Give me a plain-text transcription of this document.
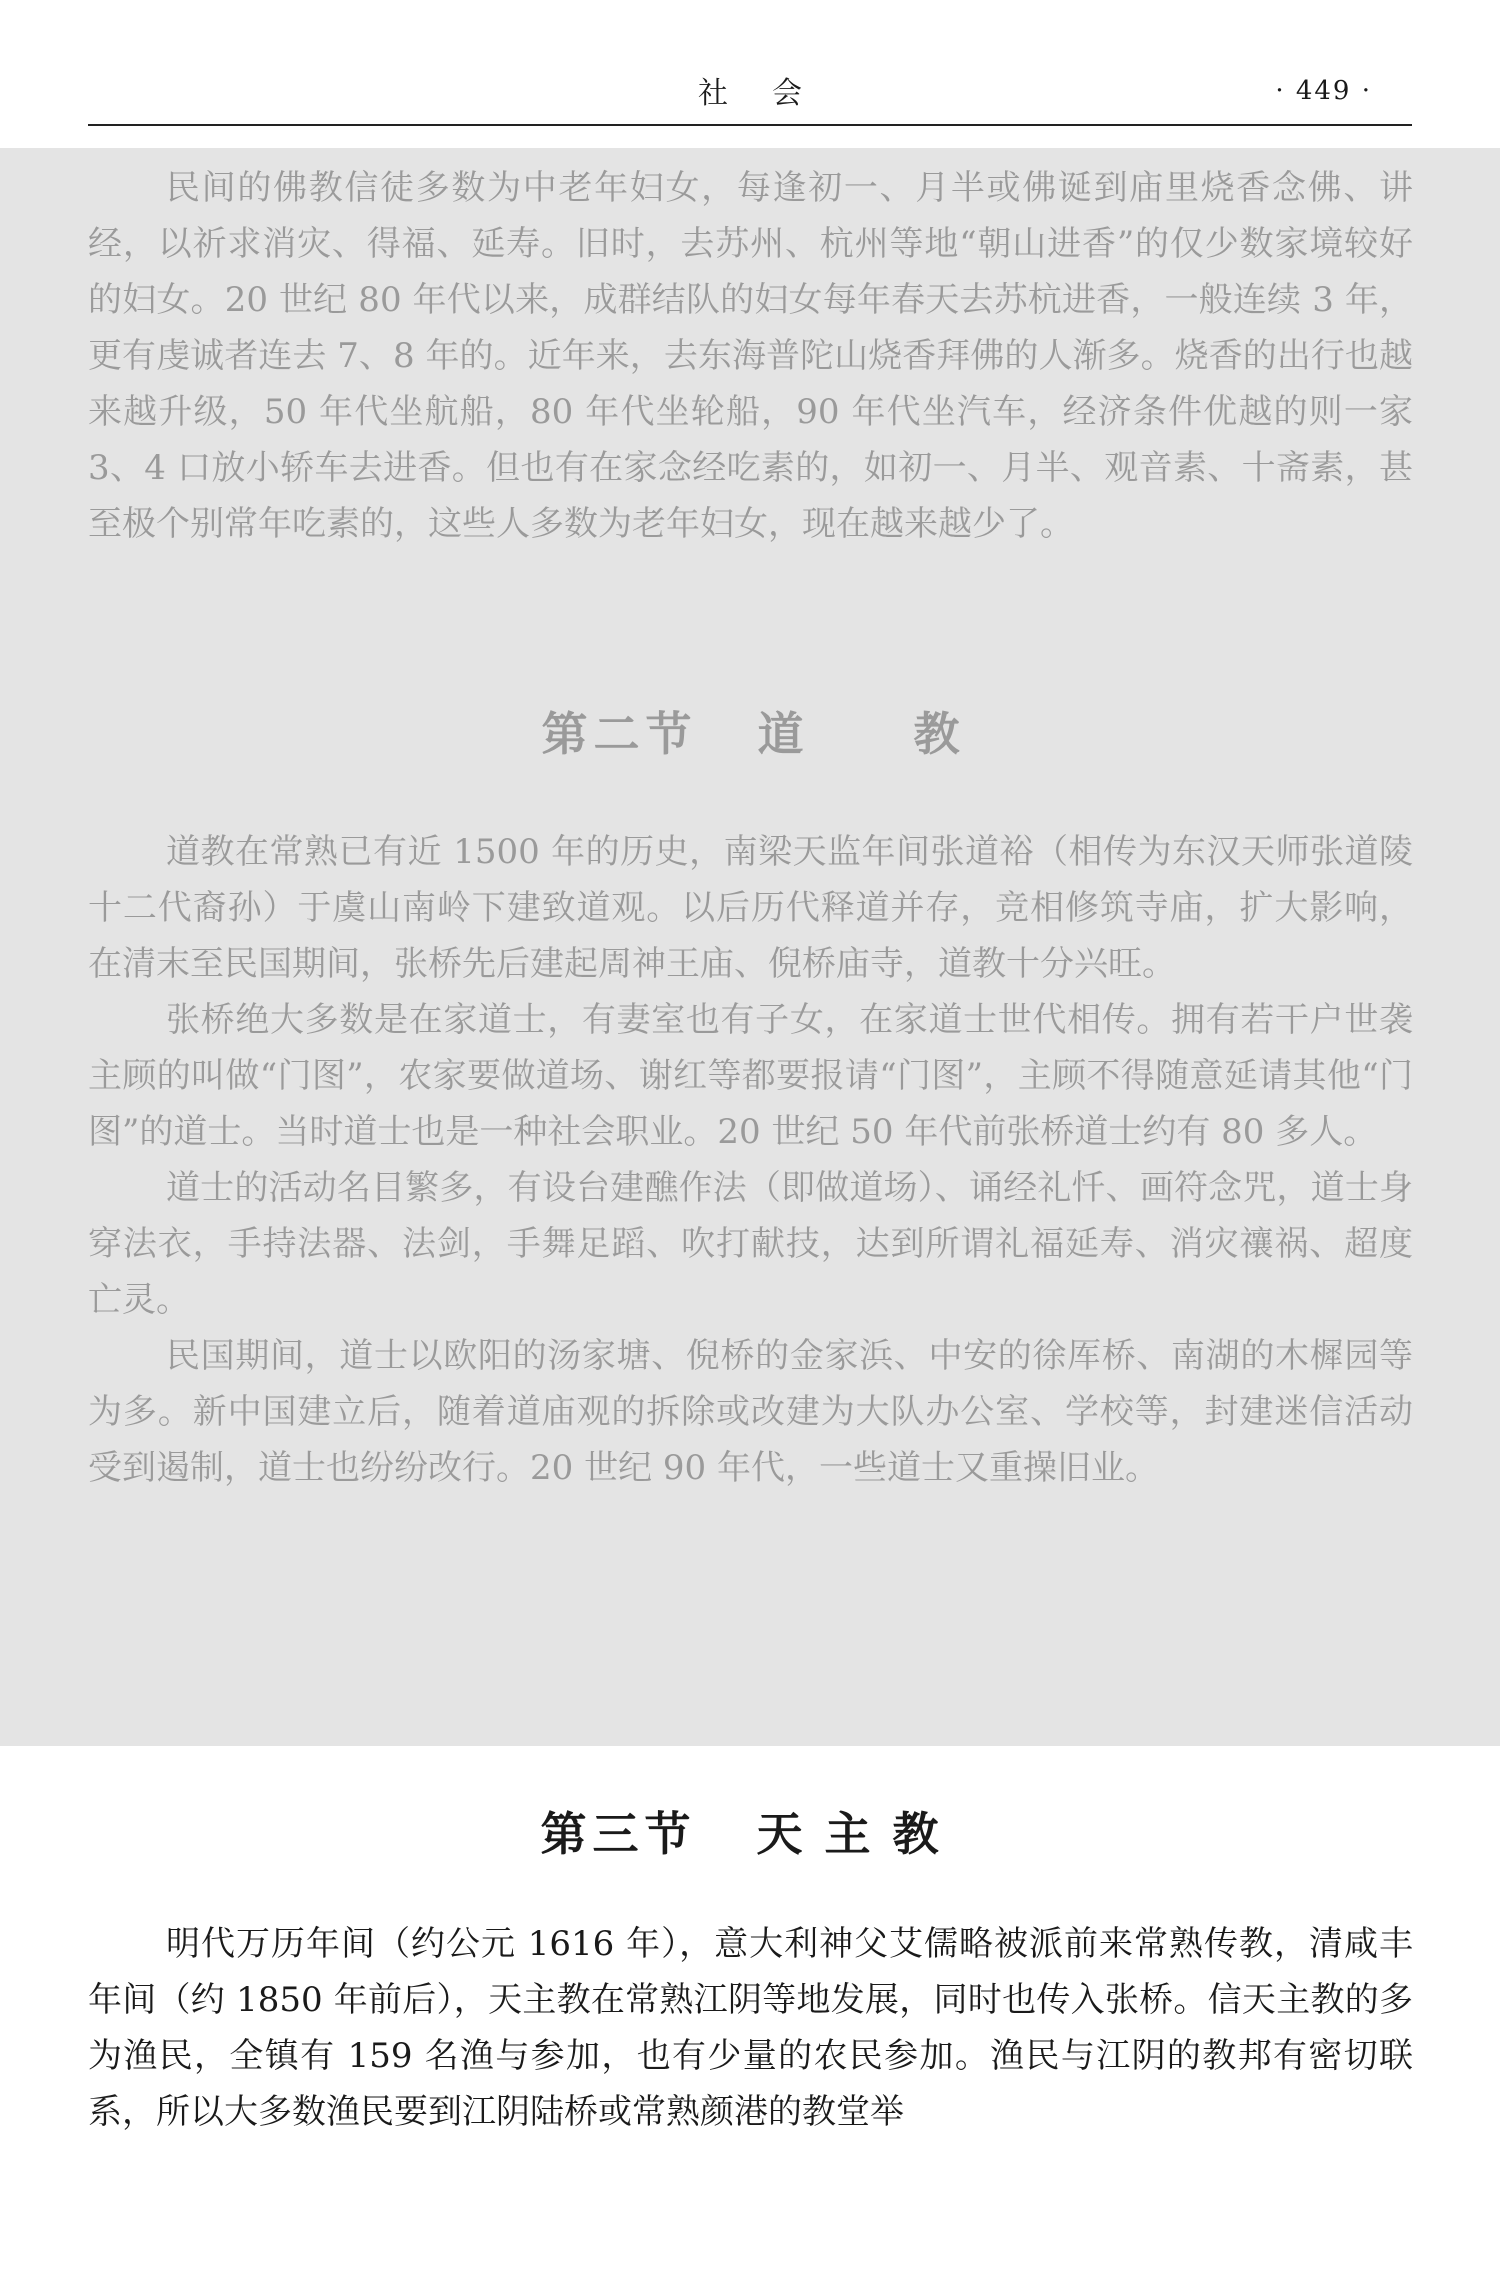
社会	· 449 ·

民间的佛教信徒多数为中老年妇女，每逢初一、月半或佛诞到庙里烧香念佛、讲经，以祈求消灾、得福、延寿。旧时，去苏州、杭州等地“朝山进香”的仅少数家境较好的妇女。20 世纪 80 年代以来，成群结队的妇女每年春天去苏杭进香，一般连续 3 年，更有虔诚者连去 7、8 年的。近年来，去东海普陀山烧香拜佛的人渐多。烧香的出行也越来越升级，50 年代坐航船，80 年代坐轮船，90 年代坐汽车，经济条件优越的则一家 3、4 口放小轿车去进香。但也有在家念经吃素的，如初一、月半、观音素、十斋素，甚至极个别常年吃素的，这些人多数为老年妇女，现在越来越少了。

第二节 道教

道教在常熟已有近 1500 年的历史，南梁天监年间张道裕（相传为东汉天师张道陵十二代裔孙）于虞山南岭下建致道观。以后历代释道并存，竞相修筑寺庙，扩大影响，在清末至民国期间，张桥先后建起周神王庙、倪桥庙寺，道教十分兴旺。

张桥绝大多数是在家道士，有妻室也有子女，在家道士世代相传。拥有若干户世袭主顾的叫做“门图”，农家要做道场、谢红等都要报请“门图”，主顾不得随意延请其他“门图”的道士。当时道士也是一种社会职业。20 世纪 50 年代前张桥道士约有 80 多人。

道士的活动名目繁多，有设台建醮作法（即做道场）、诵经礼忏、画符念咒，道士身穿法衣，手持法器、法剑，手舞足蹈、吹打献技，达到所谓礼福延寿、消灾禳祸、超度亡灵。

民国期间，道士以欧阳的汤家塘、倪桥的金家浜、中安的徐厍桥、南湖的木樨园等为多。新中国建立后，随着道庙观的拆除或改建为大队办公室、学校等，封建迷信活动受到遏制，道士也纷纷改行。20 世纪 90 年代，一些道士又重操旧业。

第三节 天主教

明代万历年间（约公元 1616 年），意大利神父艾儒略被派前来常熟传教，清咸丰年间（约 1850 年前后），天主教在常熟江阴等地发展，同时也传入张桥。信天主教的多为渔民，全镇有 159 名渔与参加，也有少量的农民参加。渔民与江阴的教邦有密切联系，所以大多数渔民要到江阴陆桥或常熟颜港的教堂举
